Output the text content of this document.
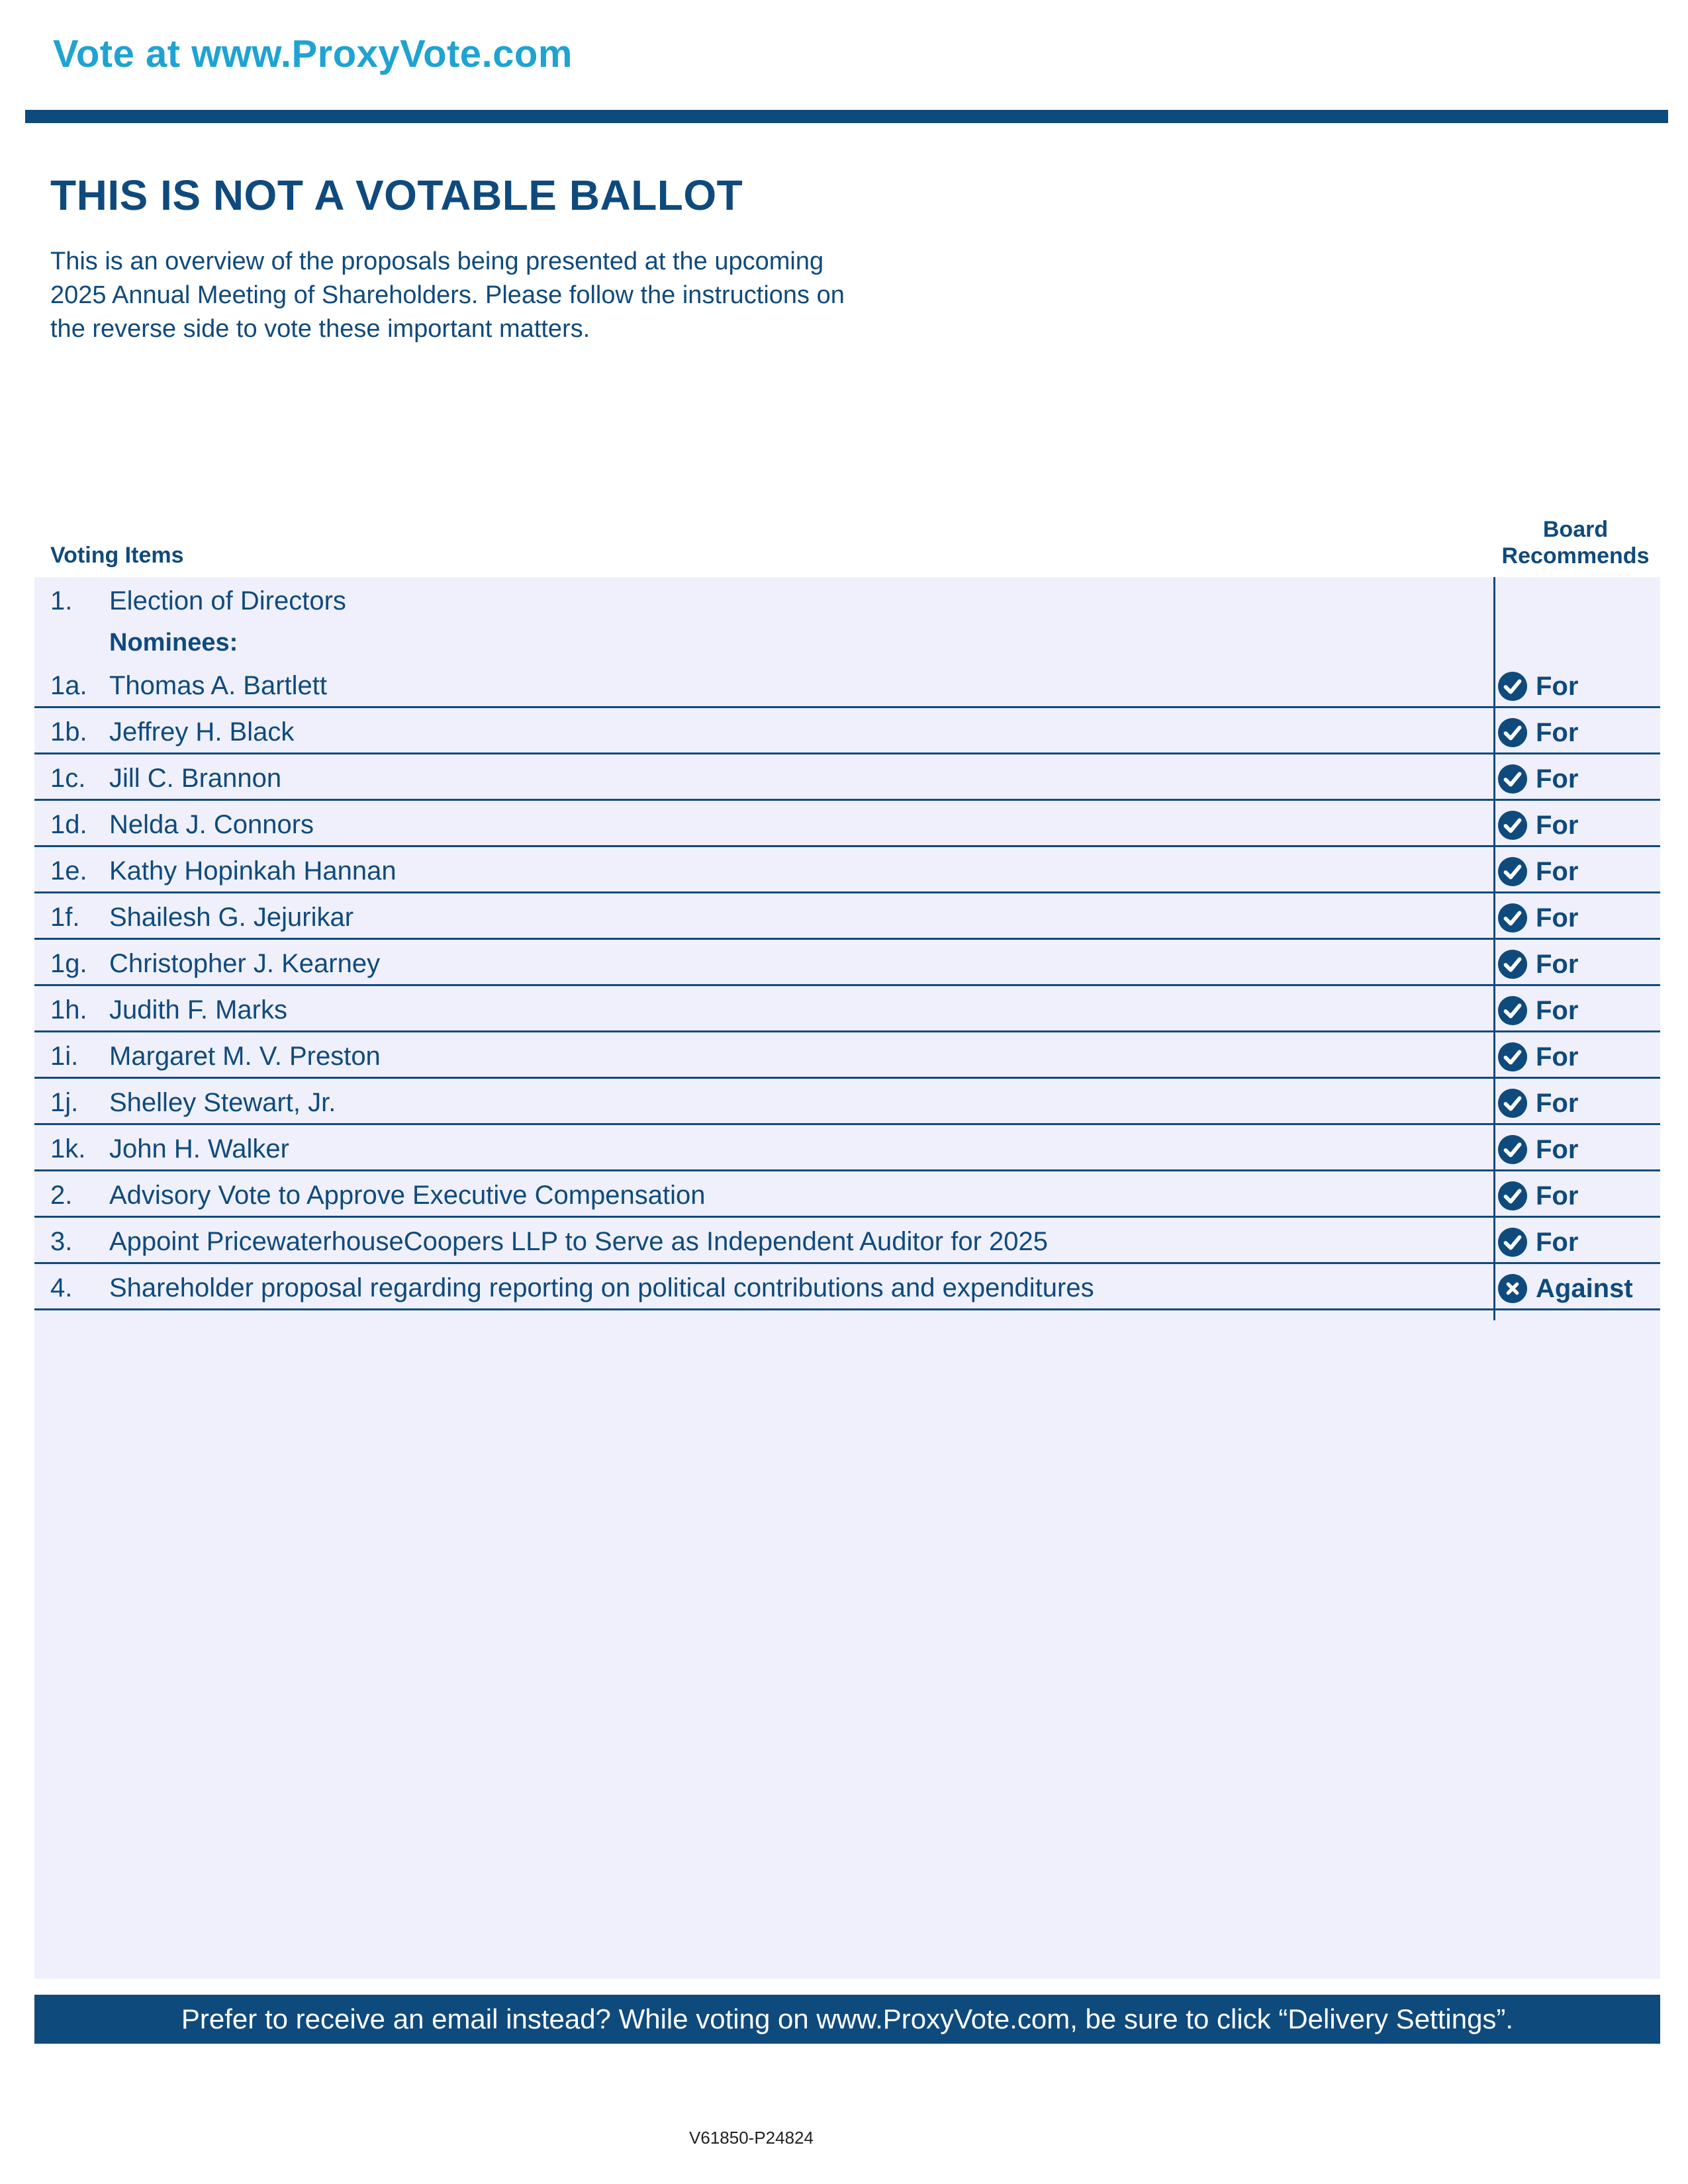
Vote at www.ProxyVote.com
THIS IS NOT A VOTABLE BALLOT
This is an overview of the proposals being presented at the upcoming 2025 Annual Meeting of Shareholders. Please follow the instructions on the reverse side to vote these important matters.
Voting Items
Board
Recommends
1. Election of Directors
Nominees:
1a. Thomas A. Bartlett	For
1b. Jeffrey H. Black	For
1c. Jill C. Brannon	For
1d. Nelda J. Connors	For
1e. Kathy Hopinkah Hannan	For
1f. Shailesh G. Jejurikar	For
1g. Christopher J. Kearney	For
1h. Judith F. Marks	For
1i. Margaret M. V. Preston	For
1j. Shelley Stewart, Jr.	For
1k. John H. Walker	For
2. Advisory Vote to Approve Executive Compensation	For
3. Appoint PricewaterhouseCoopers LLP to Serve as Independent Auditor for 2025	For
4. Shareholder proposal regarding reporting on political contributions and expenditures	Against
Prefer to receive an email instead? While voting on www.ProxyVote.com, be sure to click “Delivery Settings”.
V61850-P24824
